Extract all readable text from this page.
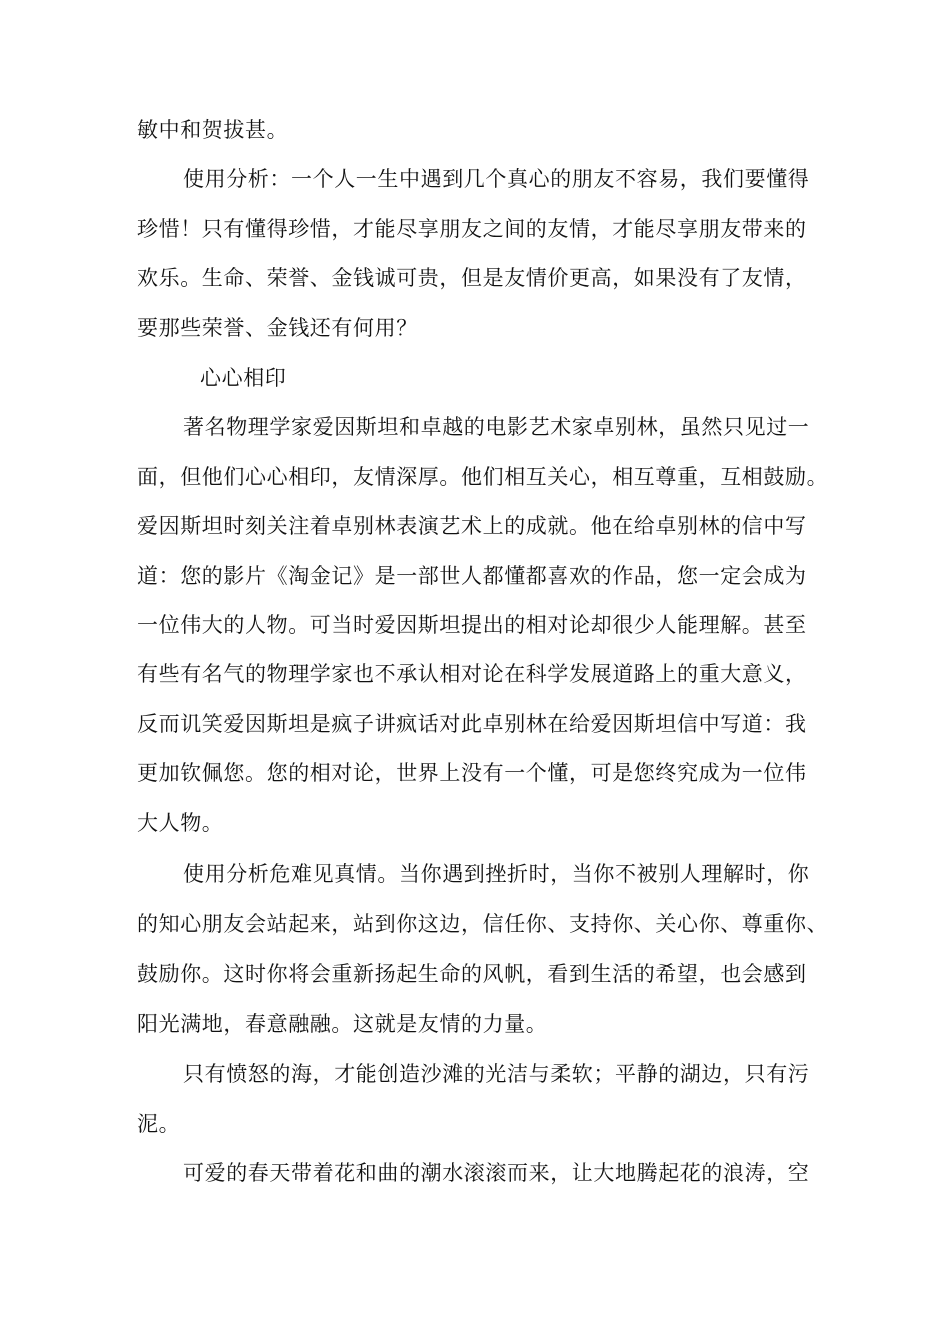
敏中和贺拔甚。
使用分析：一个人一生中遇到几个真心的朋友不容易，我们要懂得
珍惜！只有懂得珍惜，才能尽享朋友之间的友情，才能尽享朋友带来的
欢乐。生命、荣誉、金钱诚可贵，但是友情价更高，如果没有了友情，
要那些荣誉、金钱还有何用？
心心相印
著名物理学家爱因斯坦和卓越的电影艺术家卓别林，虽然只见过一
面，但他们心心相印，友情深厚。他们相互关心，相互尊重，互相鼓励。
爱因斯坦时刻关注着卓别林表演艺术上的成就。他在给卓别林的信中写
道：您的影片《淘金记》是一部世人都懂都喜欢的作品，您一定会成为
一位伟大的人物。可当时爱因斯坦提出的相对论却很少人能理解。甚至
有些有名气的物理学家也不承认相对论在科学发展道路上的重大意义，
反而讥笑爱因斯坦是疯子讲疯话对此卓别林在给爱因斯坦信中写道：我
更加钦佩您。您的相对论，世界上没有一个懂，可是您终究成为一位伟
大人物。
使用分析危难见真情。当你遇到挫折时，当你不被别人理解时，你
的知心朋友会站起来，站到你这边，信任你、支持你、关心你、尊重你、
鼓励你。这时你将会重新扬起生命的风帆，看到生活的希望，也会感到
阳光满地，春意融融。这就是友情的力量。
只有愤怒的海，才能创造沙滩的光洁与柔软；平静的湖边，只有污
泥。
可爱的春天带着花和曲的潮水滚滚而来，让大地腾起花的浪涛，空
